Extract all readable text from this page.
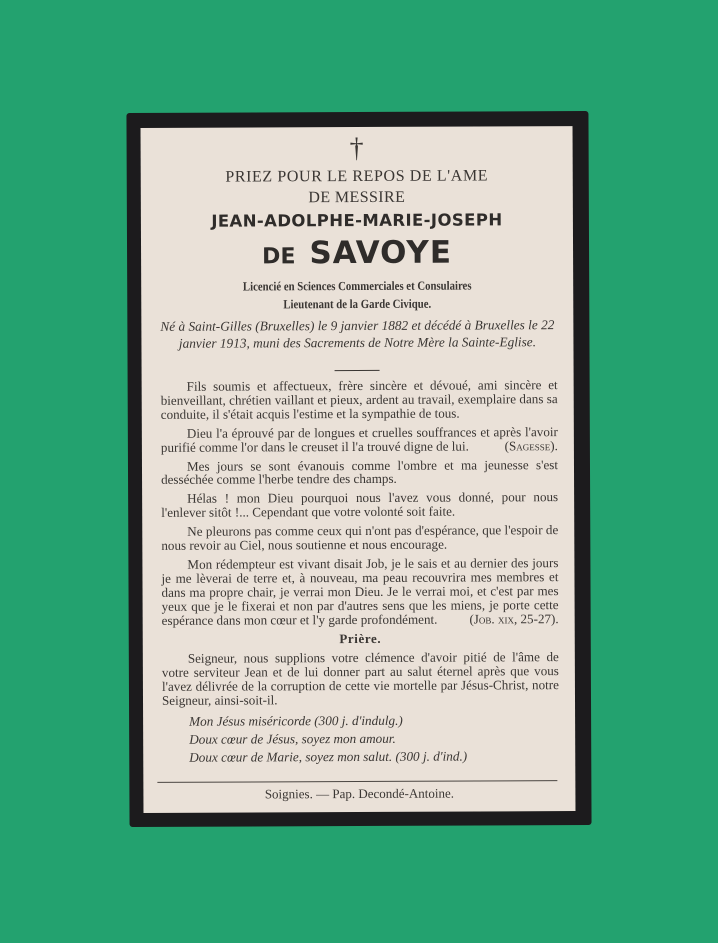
†
PRIEZ POUR LE REPOS DE L'AME
DE MESSIRE
JEAN-ADOLPHE-MARIE-JOSEPH
DE SAVOYE
Licencié en Sciences Commerciales et Consulaires
Lieutenant de la Garde Civique.
Né à Saint-Gilles (Bruxelles) le 9 janvier 1882 et décédé à Bruxelles le 22 janvier 1913, muni des Sacrements de Notre Mère la Sainte-Eglise.

Fils soumis et affectueux, frère sincère et dévoué, ami sincère et bienveillant, chrétien vaillant et pieux, ardent au travail, exemplaire dans sa conduite, il s'était acquis l'estime et la sympathie de tous.

Dieu l'a éprouvé par de longues et cruelles souffrances et après l'avoir purifié comme l'or dans le creuset il l'a trouvé digne de lui.	(Sagesse).

Mes jours se sont évanouis comme l'ombre et ma jeunesse s'est desséchée comme l'herbe tendre des champs.

Hélas ! mon Dieu pourquoi nous l'avez vous donné, pour nous l'enlever sitôt !... Cependant que votre volonté soit faite.

Ne pleurons pas comme ceux qui n'ont pas d'espérance, que l'espoir de nous revoir au Ciel, nous soutienne et nous encourage.

Mon rédempteur est vivant disait Job, je le sais et au dernier des jours je me lèverai de terre et, à nouveau, ma peau recouvrira mes membres et dans ma propre chair, je verrai mon Dieu. Je le verrai moi, et c'est par mes yeux que je le fixerai et non par d'autres sens que les miens, je porte cette espérance dans mon cœur et l'y garde profondément.	(Job. xix, 25-27).

Prière.

Seigneur, nous supplions votre clémence d'avoir pitié de l'âme de votre serviteur Jean et de lui donner part au salut éternel après que vous l'avez délivrée de la corruption de cette vie mortelle par Jésus-Christ, notre Seigneur, ainsi-soit-il.

Mon Jésus miséricorde (300 j. d'indulg.)
Doux cœur de Jésus, soyez mon amour.
Doux cœur de Marie, soyez mon salut. (300 j. d'ind.)
Soignies. — Pap. Decondé-Antoine.
